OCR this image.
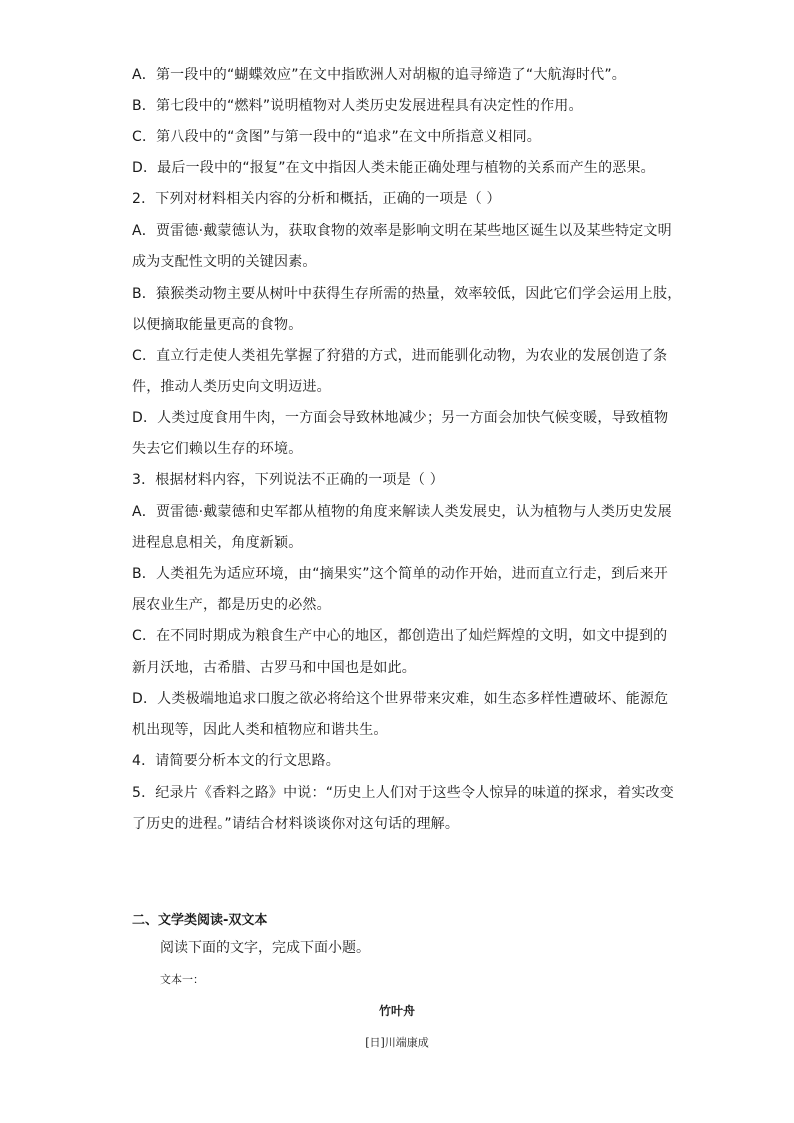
A．第一段中的“蝴蝶效应”在文中指欧洲人对胡椒的追寻缔造了“大航海时代”。
B．第七段中的“燃料”说明植物对人类历史发展进程具有决定性的作用。
C．第八段中的“贪图”与第一段中的“追求”在文中所指意义相同。
D．最后一段中的“报复”在文中指因人类未能正确处理与植物的关系而产生的恶果。
2．下列对材料相关内容的分析和概括，正确的一项是（ ）
A．贾雷德·戴蒙德认为，获取食物的效率是影响文明在某些地区诞生以及某些特定文明
成为支配性文明的关键因素。
B．猿猴类动物主要从树叶中获得生存所需的热量，效率较低，因此它们学会运用上肢，
以便摘取能量更高的食物。
C．直立行走使人类祖先掌握了狩猎的方式，进而能驯化动物，为农业的发展创造了条
件，推动人类历史向文明迈进。
D．人类过度食用牛肉，一方面会导致林地减少；另一方面会加快气候变暖，导致植物
失去它们赖以生存的环境。
3．根据材料内容，下列说法不正确的一项是（ ）
A．贾雷德·戴蒙德和史军都从植物的角度来解读人类发展史，认为植物与人类历史发展
进程息息相关，角度新颖。
B．人类祖先为适应环境，由“摘果实”这个简单的动作开始，进而直立行走，到后来开
展农业生产，都是历史的必然。
C．在不同时期成为粮食生产中心的地区，都创造出了灿烂辉煌的文明，如文中提到的
新月沃地，古希腊、古罗马和中国也是如此。
D．人类极端地追求口腹之欲必将给这个世界带来灾难，如生态多样性遭破坏、能源危
机出现等，因此人类和植物应和谐共生。
4．请简要分析本文的行文思路。
5．纪录片《香料之路》中说：“历史上人们对于这些令人惊异的味道的探求，着实改变
了历史的进程。”请结合材料谈谈你对这句话的理解。
二、文学类阅读-双文本
阅读下面的文字，完成下面小题。
文本一：
竹叶舟
[日]川端康成
